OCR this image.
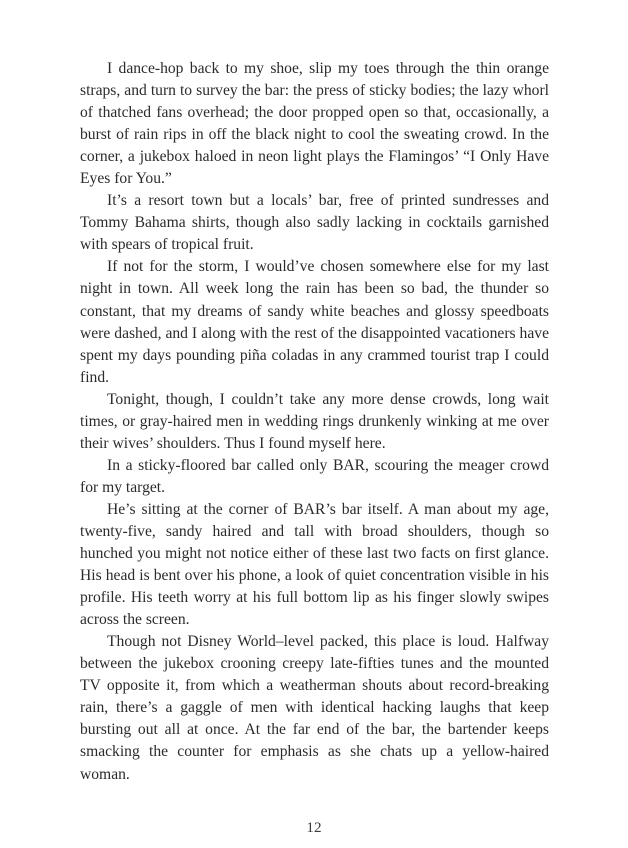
I dance-hop back to my shoe, slip my toes through the thin orange straps, and turn to survey the bar: the press of sticky bodies; the lazy whorl of thatched fans overhead; the door propped open so that, occasionally, a burst of rain rips in off the black night to cool the sweating crowd. In the corner, a jukebox haloed in neon light plays the Flamingos’ “I Only Have Eyes for You.”

It’s a resort town but a locals’ bar, free of printed sundresses and Tommy Bahama shirts, though also sadly lacking in cocktails garnished with spears of tropical fruit.

If not for the storm, I would’ve chosen somewhere else for my last night in town. All week long the rain has been so bad, the thunder so constant, that my dreams of sandy white beaches and glossy speedboats were dashed, and I along with the rest of the disappointed vacationers have spent my days pounding piña coladas in any crammed tourist trap I could find.

Tonight, though, I couldn’t take any more dense crowds, long wait times, or gray-haired men in wedding rings drunkenly winking at me over their wives’ shoulders. Thus I found myself here.

In a sticky-floored bar called only BAR, scouring the meager crowd for my target.

He’s sitting at the corner of BAR’s bar itself. A man about my age, twenty-five, sandy haired and tall with broad shoulders, though so hunched you might not notice either of these last two facts on first glance. His head is bent over his phone, a look of quiet concentration visible in his profile. His teeth worry at his full bottom lip as his finger slowly swipes across the screen.

Though not Disney World–level packed, this place is loud. Halfway between the jukebox crooning creepy late-fifties tunes and the mounted TV opposite it, from which a weatherman shouts about record-breaking rain, there’s a gaggle of men with identical hacking laughs that keep bursting out all at once. At the far end of the bar, the bartender keeps smacking the counter for emphasis as she chats up a yellow-haired woman.

12
